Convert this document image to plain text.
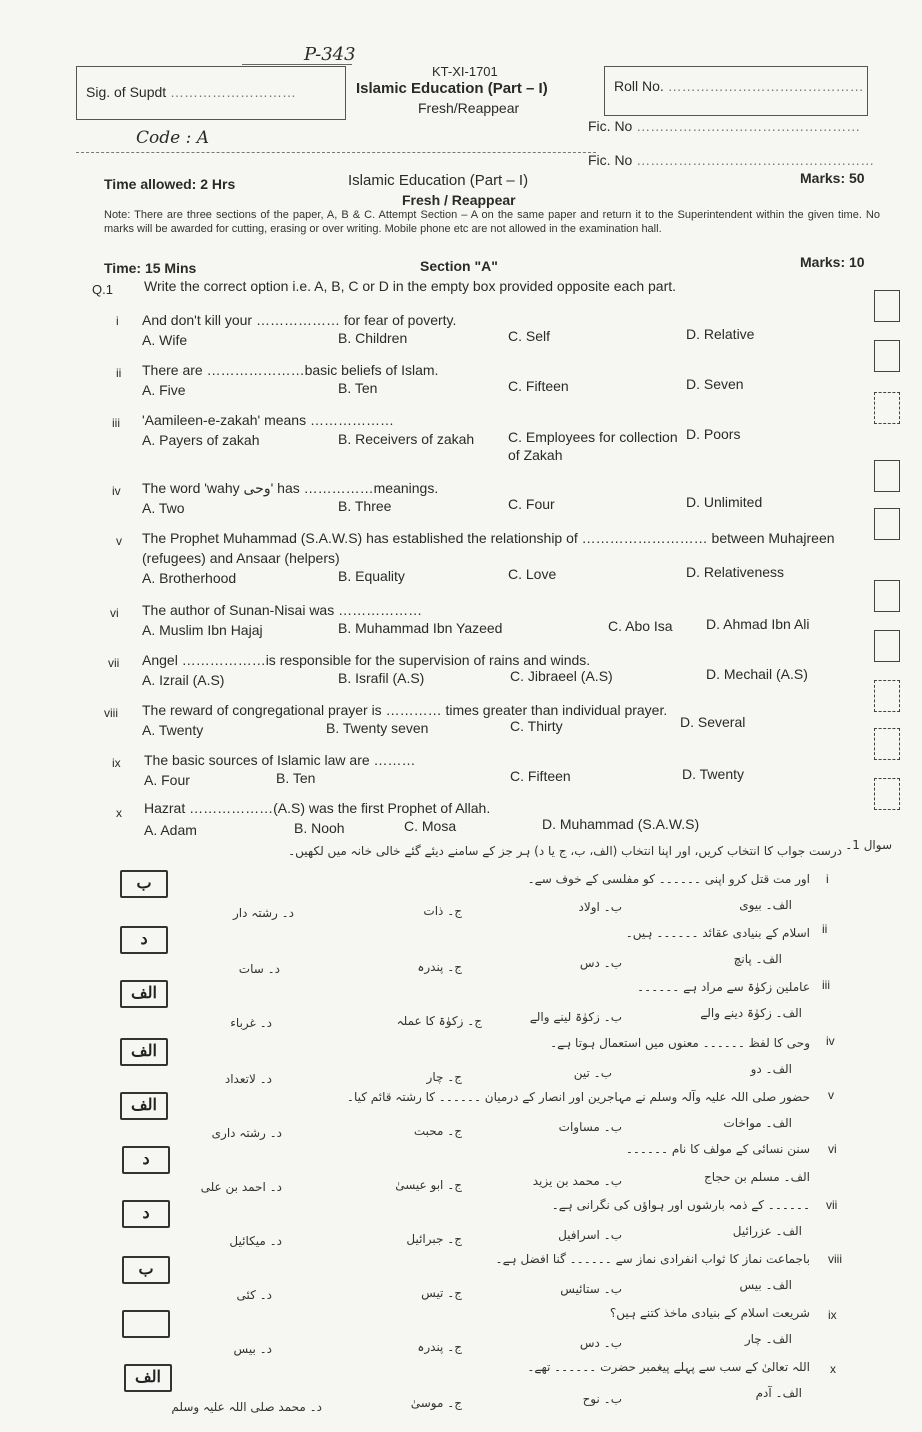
P-343
Sig. of Supdt ………………………
KT-XI-1701
Islamic Education (Part – I)
Fresh/Reappear
Roll No. ……………………………………
Fic. No …………………………………………
Code : A
Fic. No ……………………………………………
Time allowed: 2 Hrs	Islamic Education (Part – I)	Marks: 50
Fresh / Reappear
Note: There are three sections of the paper, A, B & C. Attempt Section – A on the same paper and return it to the Superintendent within the given time. No marks will be awarded for cutting, erasing or over writing. Mobile phone etc are not allowed in the examination hall.
Time: 15 Mins	Section "A"	Marks: 10
Q.1 Write the correct option i.e. A, B, C or D in the empty box provided opposite each part.
i And don't kill your ……………… for fear of poverty.
A. Wife	B. Children	C. Self	D. Relative
ii There are …………………basic beliefs of Islam.
A. Five	B. Ten	C. Fifteen	D. Seven
iii 'Aamileen-e-zakah' means ………………
A. Payers of zakah	B. Receivers of zakah C. Employees for collection of Zakah
D. Poors
iv The word 'wahy وحی' has ……………meanings.
A. Two	B. Three	C. Four	D. Unlimited
v The Prophet Muhammad (S.A.W.S) has established the relationship of ……………………… between Muhajreen (refugees) and Ansaar (helpers)
A. Brotherhood	B. Equality	C. Love	D. Relativeness
vi The author of Sunan-Nisai was ………………
A. Muslim Ibn Hajaj	B. Muhammad Ibn Yazeed	C. Abo Isa D. Ahmad Ibn Ali
vii Angel ………………is responsible for the supervision of rains and winds.
A. Izrail (A.S)	B. Israfil (A.S)	C. Jibraeel (A.S)	D. Mechail (A.S)
viii The reward of congregational prayer is ………… times greater than individual prayer.
A. Twenty	B. Twenty seven	C. Thirty	D. Several
ix The basic sources of Islamic law are ………
A. Four	B. Ten	C. Fifteen	D. Twenty
x Hazrat ………………(A.S) was the first Prophet of Allah.
A. Adam	B. Nooh	C. Mosa	D. Muhammad (S.A.W.S)
سوال 1۔
درست جواب کا انتخاب کریں، اور اپنا انتخاب (الف، ب، ج یا د) ہر جز کے سامنے دیئے گئے خالی خانہ میں لکھیں۔
i
اور مت قتل کرو اپنی ۔۔۔۔۔۔ کو مفلسی کے خوف سے۔
الف۔ بیوی
ب۔ اولاد
ج۔ ذات
د۔ رشتہ دار
ب
ii
اسلام کے بنیادی عقائد ۔۔۔۔۔۔ ہیں۔
الف۔ پانچ
ب۔ دس
ج۔ پندرہ
د۔ سات
د
iii
عاملین زکوٰۃ سے مراد ہے ۔۔۔۔۔۔
الف۔ زکوٰۃ دینے والے
ب۔ زکوٰۃ لینے والے
ج۔ زکوٰۃ کا عملہ
د۔ غرباء
الف
iv
وحی کا لفظ ۔۔۔۔۔۔ معنوں میں استعمال ہوتا ہے۔
الف۔ دو
ب۔ تین
ج۔ چار
د۔ لاتعداد
الف
v
حضور صلی اللہ علیہ وآلہ وسلم نے مہاجرین اور انصار کے درمیان ۔۔۔۔۔۔ کا رشتہ قائم کیا۔
الف۔ مواخات
ب۔ مساوات
ج۔ محبت
د۔ رشتہ داری
الف
vi
سنن نسائی کے مولف کا نام ۔۔۔۔۔۔
الف۔ مسلم بن حجاج
ب۔ محمد بن یزید
ج۔ ابو عیسیٰ
د۔ احمد بن علی
د
vii
۔۔۔۔۔۔ کے ذمہ بارشوں اور ہواؤں کی نگرانی ہے۔
الف۔ عزرائیل
ب۔ اسرافیل
ج۔ جبرائیل
د۔ میکائیل
د
viii
باجماعت نماز کا ثواب انفرادی نماز سے ۔۔۔۔۔۔ گنا افضل ہے۔
الف۔ بیس
ب۔ ستائیس
ج۔ تیس
د۔ کئی
ب
ix
شریعت اسلام کے بنیادی ماخذ کتنے ہیں؟
الف۔ چار
ب۔ دس
ج۔ پندرہ
د۔ بیس
x
اللہ تعالیٰ کے سب سے پہلے پیغمبر حضرت ۔۔۔۔۔۔ تھے۔
الف۔ آدم
ب۔ نوح
ج۔ موسیٰ
د۔ محمد صلی اللہ علیہ وسلم
الف
